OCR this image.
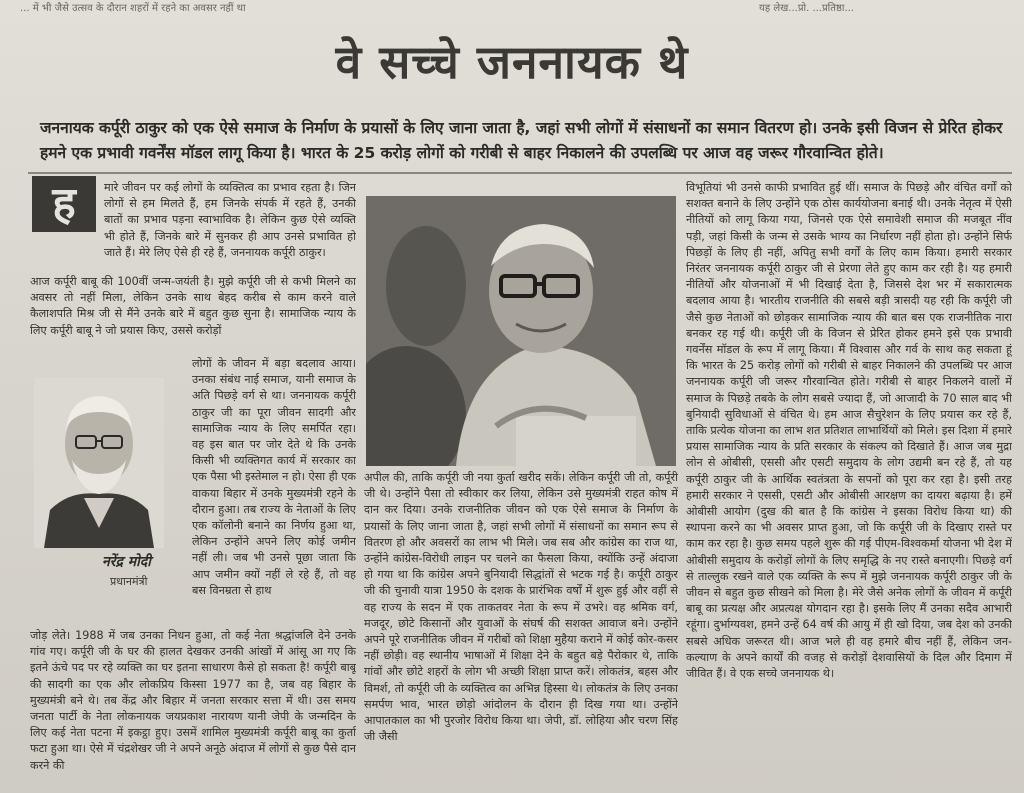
... में भी जैसे उत्सव के दौरान शहरों में रहने का अवसर नहीं था	यह लेख...प्रो. ...प्रतिष्ठा...
वे सच्चे जननायक थे
जननायक कर्पूरी ठाकुर को एक ऐसे समाज के निर्माण के प्रयासों के लिए जाना जाता है, जहां सभी लोगों में संसाधनों का समान वितरण हो। उनके इसी विजन से प्रेरित होकर हमने एक प्रभावी गवर्नेंस मॉडल लागू किया है। भारत के 25 करोड़ लोगों को गरीबी से बाहर निकालने की उपलब्धि पर आज वह जरूर गौरवान्वित होते।
ह	मारे जीवन पर कई लोगों के व्यक्तित्व का प्रभाव रहता है। जिन लोगों से हम मिलते हैं, हम जिनके संपर्क में रहते हैं, उनकी बातों का प्रभाव पड़ना स्वाभाविक है। लेकिन कुछ ऐसे व्यक्ति भी होते हैं, जिनके बारे में सुनकर ही आप उनसे प्रभावित हो जाते हैं। मेरे लिए ऐसे ही रहे हैं, जननायक कर्पूरी ठाकुर।

आज कर्पूरी बाबू की 100वीं जन्म-जयंती है। मुझे कर्पूरी जी से कभी मिलने का अवसर तो नहीं मिला, लेकिन उनके साथ बेहद करीब से काम करने वाले कैलाशपति मिश्र जी से मैंने उनके बारे में बहुत कुछ सुना है। सामाजिक न्याय के लिए कर्पूरी बाबू ने जो प्रयास किए, उससे करोड़ों

लोगों के जीवन में बड़ा बदलाव आया। उनका संबंध नाई समाज, यानी समाज के अति पिछड़े वर्ग से था। जननायक कर्पूरी ठाकुर जी का पूरा जीवन सादगी और सामाजिक न्याय के लिए समर्पित रहा। वह इस बात पर जोर देते थे कि उनके किसी भी व्यक्तिगत कार्य में सरकार का एक पैसा भी इस्तेमाल न हो। ऐसा ही एक वाकया बिहार में उनके मुख्यमंत्री रहने के दौरान हुआ। तब राज्य के नेताओं के लिए एक कॉलोनी बनाने का निर्णय हुआ था, लेकिन उन्होंने अपने लिए कोई जमीन नहीं ली। जब भी उनसे पूछा जाता कि आप जमीन क्यों नहीं ले रहे हैं, तो वह बस विनम्रता से हाथ

जोड़ लेते। 1988 में जब उनका निधन हुआ, तो कई नेता श्रद्धांजलि देने उनके गांव गए। कर्पूरी जी के घर की हालत देखकर उनकी आंखों में आंसू आ गए कि इतने ऊंचे पद पर रहे व्यक्ति का घर इतना साधारण कैसे हो सकता है! कर्पूरी बाबू की सादगी का एक और लोकप्रिय किस्सा 1977 का है, जब वह बिहार के मुख्यमंत्री बने थे। तब केंद्र और बिहार में जनता सरकार सत्ता में थी। उस समय जनता पार्टी के नेता लोकनायक जयप्रकाश नारायण यानी जेपी के जन्मदिन के लिए कई नेता पटना में इकट्ठा हुए। उसमें शामिल मुख्यमंत्री कर्पूरी बाबू का कुर्ता फटा हुआ था। ऐसे में चंद्रशेखर जी ने अपने अनूठे अंदाज में लोगों से कुछ पैसे दान करने की

नरेंद्र मोदी
प्रधानमंत्री

अपील की, ताकि कर्पूरी जी नया कुर्ता खरीद सकें। लेकिन कर्पूरी जी तो, कर्पूरी जी थे। उन्होंने पैसा तो स्वीकार कर लिया, लेकिन उसे मुख्यमंत्री राहत कोष में दान कर दिया। उनके राजनीतिक जीवन को एक ऐसे समाज के निर्माण के प्रयासों के लिए जाना जाता है, जहां सभी लोगों में संसाधनों का समान रूप से वितरण हो और अवसरों का लाभ भी मिले। जब सब और कांग्रेस का राज था, उन्होंने कांग्रेस-विरोधी लाइन पर चलने का फैसला किया, क्योंकि उन्हें अंदाजा हो गया था कि कांग्रेस अपने बुनियादी सिद्धांतों से भटक गई है। कर्पूरी ठाकुर जी की चुनावी यात्रा 1950 के दशक के प्रारंभिक वर्षों में शुरू हुई और वहीं से वह राज्य के सदन में एक ताकतवर नेता के रूप में उभरे। वह श्रमिक वर्ग, मजदूर, छोटे किसानों और युवाओं के संघर्ष की सशक्त आवाज बने। उन्होंने अपने पूरे राजनीतिक जीवन में गरीबों को शिक्षा मुहैया कराने में कोई कोर-कसर नहीं छोड़ी। वह स्थानीय भाषाओं में शिक्षा देने के बहुत बड़े पैरोकार थे, ताकि गांवों और छोटे शहरों के लोग भी अच्छी शिक्षा प्राप्त करें। लोकतंत्र, बहस और विमर्श, तो कर्पूरी जी के व्यक्तित्व का अभिन्न हिस्सा थे। लोकतंत्र के लिए उनका समर्पण भाव, भारत छोड़ो आंदोलन के दौरान ही दिख गया था। उन्होंने आपातकाल का भी पुरजोर विरोध किया था। जेपी, डॉ. लोहिया और चरण सिंह जी जैसी

विभूतियां भी उनसे काफी प्रभावित हुई थीं। समाज के पिछड़े और वंचित वर्गों को सशक्त बनाने के लिए उन्होंने एक ठोस कार्ययोजना बनाई थी। उनके नेतृत्व में ऐसी नीतियों को लागू किया गया, जिनसे एक ऐसे समावेशी समाज की मजबूत नींव पड़ी, जहां किसी के जन्म से उसके भाग्य का निर्धारण नहीं होता हो। उन्होंने सिर्फ पिछड़ों के लिए ही नहीं, अपितु सभी वर्गों के लिए काम किया। हमारी सरकार निरंतर जननायक कर्पूरी ठाकुर जी से प्रेरणा लेते हुए काम कर रही है। यह हमारी नीतियों और योजनाओं में भी दिखाई देता है, जिससे देश भर में सकारात्मक बदलाव आया है। भारतीय राजनीति की सबसे बड़ी त्रासदी यह रही कि कर्पूरी जी जैसे कुछ नेताओं को छोड़कर सामाजिक न्याय की बात बस एक राजनीतिक नारा बनकर रह गई थी। कर्पूरी जी के विजन से प्रेरित होकर हमने इसे एक प्रभावी गवर्नेंस मॉडल के रूप में लागू किया। मैं विश्वास और गर्व के साथ कह सकता हूं कि भारत के 25 करोड़ लोगों को गरीबी से बाहर निकालने की उपलब्धि पर आज जननायक कर्पूरी जी जरूर गौरवान्वित होते। गरीबी से बाहर निकलने वालों में समाज के पिछड़े तबके के लोग सबसे ज्यादा हैं, जो आजादी के 70 साल बाद भी बुनियादी सुविधाओं से वंचित थे। हम आज सैचुरेशन के लिए प्रयास कर रहे हैं, ताकि प्रत्येक योजना का लाभ शत प्रतिशत लाभार्थियों को मिले। इस दिशा में हमारे प्रयास सामाजिक न्याय के प्रति सरकार के संकल्प को दिखाते हैं। आज जब मुद्रा लोन से ओबीसी, एससी और एसटी समुदाय के लोग उद्यमी बन रहे हैं, तो यह कर्पूरी ठाकुर जी के आर्थिक स्वतंत्रता के सपनों को पूरा कर रहा है। इसी तरह हमारी सरकार ने एससी, एसटी और ओबीसी आरक्षण का दायरा बढ़ाया है। हमें ओबीसी आयोग (दुख की बात है कि कांग्रेस ने इसका विरोध किया था) की स्थापना करने का भी अवसर प्राप्त हुआ, जो कि कर्पूरी जी के दिखाए रास्ते पर काम कर रहा है। कुछ समय पहले शुरू की गई पीएम-विश्वकर्मा योजना भी देश में ओबीसी समुदाय के करोड़ों लोगों के लिए समृद्धि के नए रास्ते बनाएगी। पिछड़े वर्ग से ताल्लुक रखने वाले एक व्यक्ति के रूप में मुझे जननायक कर्पूरी ठाकुर जी के जीवन से बहुत कुछ सीखने को मिला है। मेरे जैसे अनेक लोगों के जीवन में कर्पूरी बाबू का प्रत्यक्ष और अप्रत्यक्ष योगदान रहा है। इसके लिए मैं उनका सदैव आभारी रहूंगा। दुर्भाग्यवश, हमने उन्हें 64 वर्ष की आयु में ही खो दिया, जब देश को उनकी सबसे अधिक जरूरत थी। आज भले ही वह हमारे बीच नहीं हैं, लेकिन जन-कल्याण के अपने कार्यों की वजह से करोड़ों देशवासियों के दिल और दिमाग में जीवित हैं। वे एक सच्चे जननायक थे।
